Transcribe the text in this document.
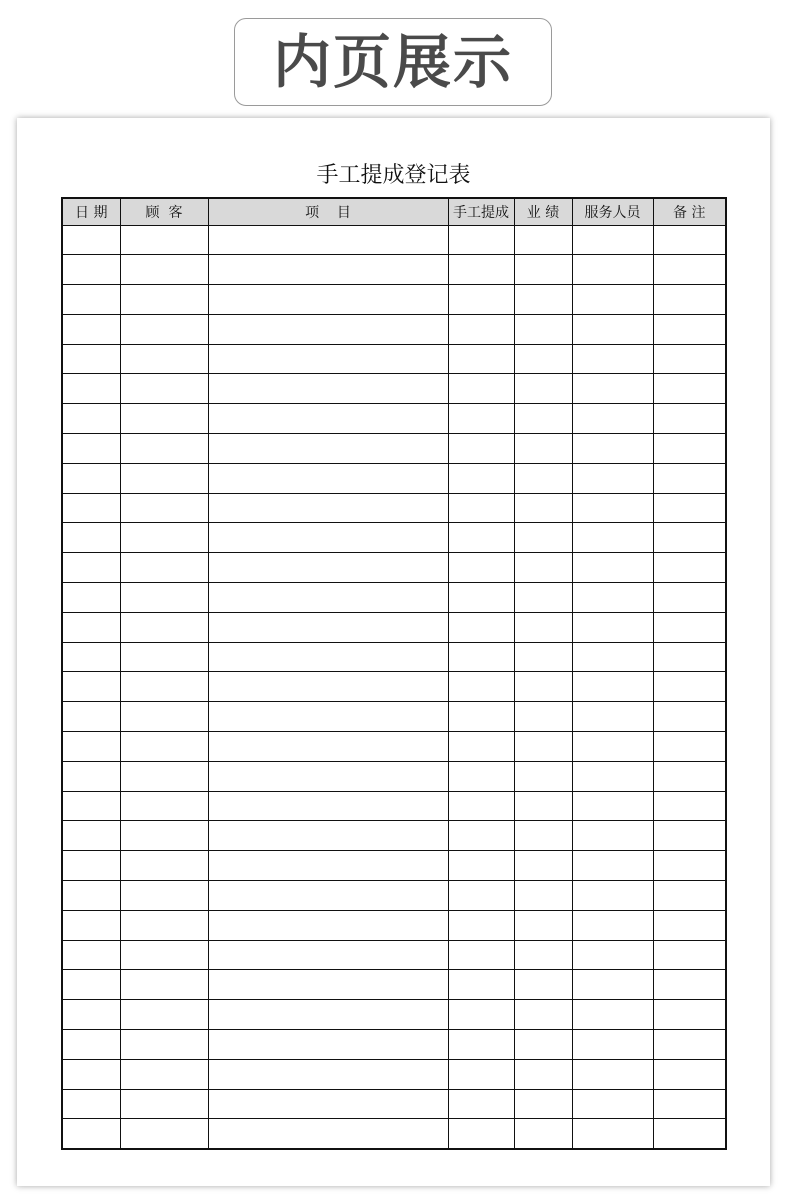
内页展示
手工提成登记表
日 期	顾  客	项    目	手工提成	业 绩	服务人员	备 注
